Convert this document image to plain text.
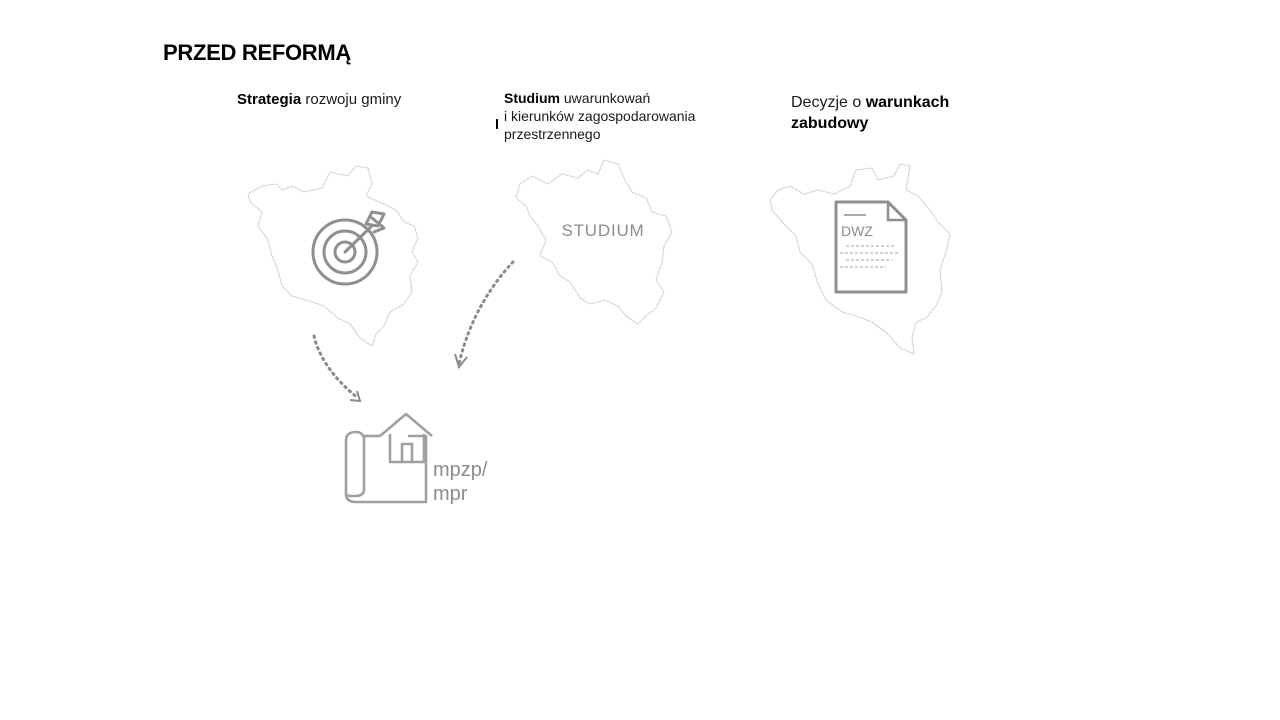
PRZED REFORMĄ
Strategia rozwoju gminy	Studium uwarunkowań
i kierunków zagospodarowania
przestrzennego
Decyzje o warunkach
zabudowy
STUDIUM	DWZ
mpzp/
mpr
